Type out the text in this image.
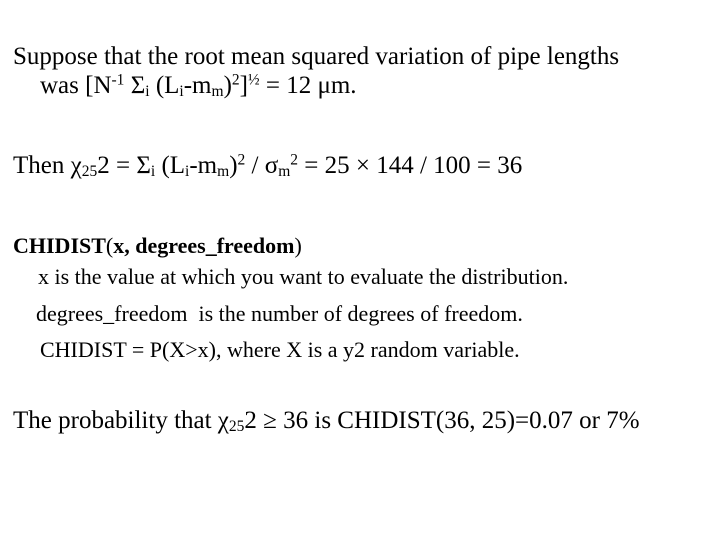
Suppose that the root mean squared variation of pipe lengths
was [$N^{-1}$ $\Sigma_i$ $(L_i-m_m)^2]^{\frac{1}{2}} = 12$ μm.
Then $\chi_{25}2 = \Sigma_i$ $(L_i-m_m)^2 / \sigma_m^2 = 25 \times 144 / 100 = 36$
CHIDIST(x, degrees_freedom)
x is the value at which you want to evaluate the distribution.
degrees_freedom  is the number of degrees of freedom.
CHIDIST = P(X>x), where X is a y2 random variable.
The probability that $\chi_{25}2 \ge 36$ is CHIDIST(36, 25)=0.07 or 7%
